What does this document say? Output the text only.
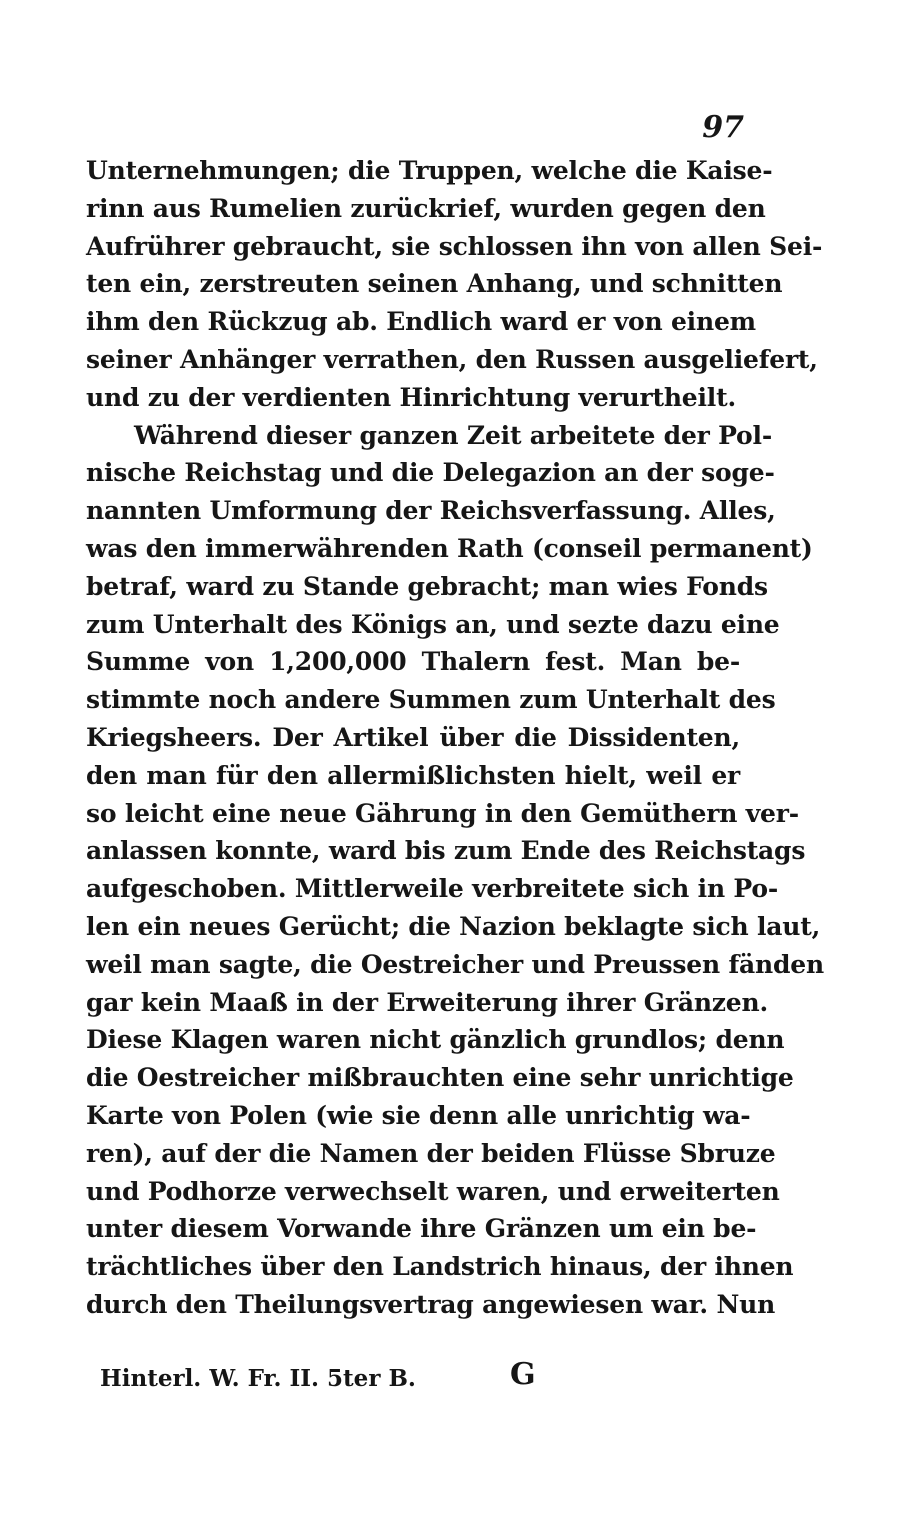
97
Unternehmungen; die Truppen, welche die Kaise-
rinn aus Rumelien zurückrief, wurden gegen den
Aufrührer gebraucht, sie schlossen ihn von allen Sei-
ten ein, zerstreuten seinen Anhang, und schnitten
ihm den Rückzug ab. Endlich ward er von einem
seiner Anhänger verrathen, den Russen ausgeliefert,
und zu der verdienten Hinrichtung verurtheilt.
Während dieser ganzen Zeit arbeitete der Pol-
nische Reichstag und die Delegazion an der soge-
nannten Umformung der Reichsverfassung. Alles,
was den immerwährenden Rath (conseil permanent)
betraf, ward zu Stande gebracht; man wies Fonds
zum Unterhalt des Königs an, und sezte dazu eine
Summe von 1,200,000 Thalern fest. Man be-
stimmte noch andere Summen zum Unterhalt des
Kriegsheers. Der Artikel über die Dissidenten,
den man für den allermißlichsten hielt, weil er
so leicht eine neue Gährung in den Gemüthern ver-
anlassen konnte, ward bis zum Ende des Reichstags
aufgeschoben. Mittlerweile verbreitete sich in Po-
len ein neues Gerücht; die Nazion beklagte sich laut,
weil man sagte, die Oestreicher und Preussen fänden
gar kein Maaß in der Erweiterung ihrer Gränzen.
Diese Klagen waren nicht gänzlich grundlos; denn
die Oestreicher mißbrauchten eine sehr unrichtige
Karte von Polen (wie sie denn alle unrichtig wa-
ren), auf der die Namen der beiden Flüsse Sbruze
und Podhorze verwechselt waren, und erweiterten
unter diesem Vorwande ihre Gränzen um ein be-
trächtliches über den Landstrich hinaus, der ihnen
durch den Theilungsvertrag angewiesen war. Nun
Hinterl. W. Fr. II. 5ter B.	G
